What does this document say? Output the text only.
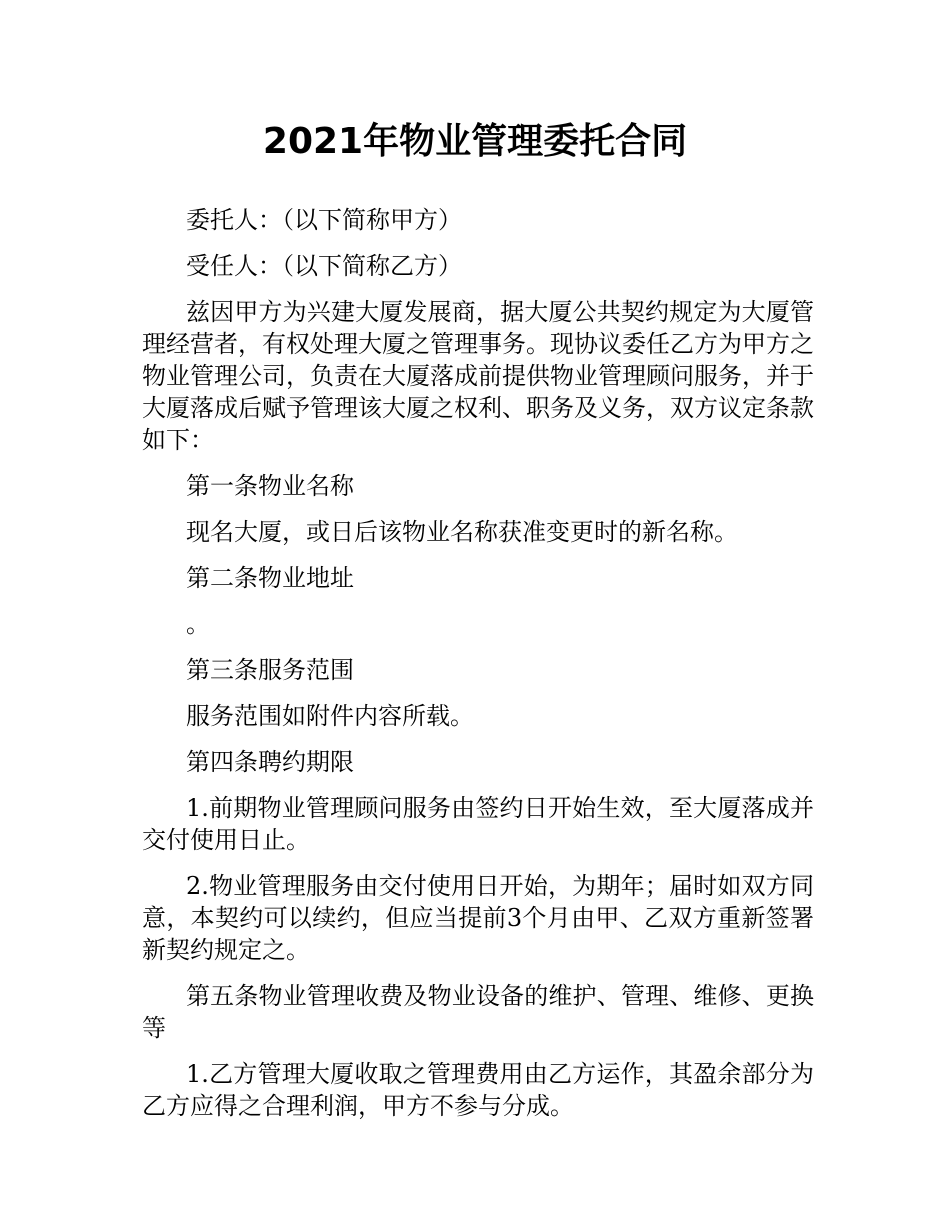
2021年物业管理委托合同

委托人：（以下简称甲方）

受任人：（以下简称乙方）

兹因甲方为兴建大厦发展商，据大厦公共契约规定为大厦管理经营者，有权处理大厦之管理事务。现协议委任乙方为甲方之物业管理公司，负责在大厦落成前提供物业管理顾问服务，并于大厦落成后赋予管理该大厦之权利、职务及义务，双方议定条款如下：

第一条物业名称

现名大厦，或日后该物业名称获准变更时的新名称。

第二条物业地址

。

第三条服务范围

服务范围如附件内容所载。

第四条聘约期限

1.前期物业管理顾问服务由签约日开始生效，至大厦落成并交付使用日止。

2.物业管理服务由交付使用日开始，为期年；届时如双方同意，本契约可以续约，但应当提前3个月由甲、乙双方重新签署新契约规定之。

第五条物业管理收费及物业设备的维护、管理、维修、更换等

1.乙方管理大厦收取之管理费用由乙方运作，其盈余部分为乙方应得之合理利润，甲方不参与分成。
